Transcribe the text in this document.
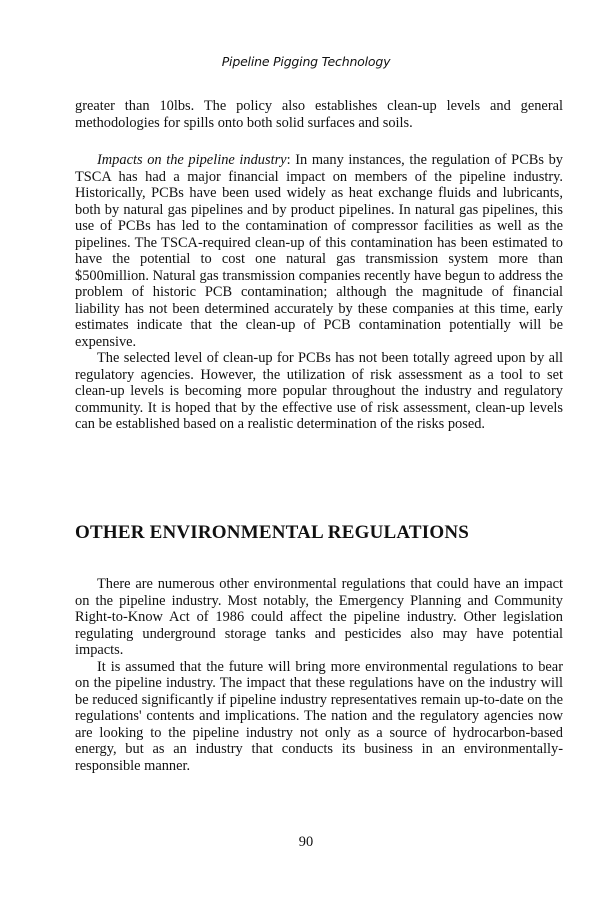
Pipeline Pigging Technology

greater than 10lbs. The policy also establishes clean-up levels and general methodologies for spills onto both solid surfaces and soils.

Impacts on the pipeline industry: In many instances, the regulation of PCBs by TSCA has had a major financial impact on members of the pipeline industry. Historically, PCBs have been used widely as heat exchange fluids and lubricants, both by natural gas pipelines and by product pipelines. In natural gas pipelines, this use of PCBs has led to the contamination of compressor facilities as well as the pipelines. The TSCA-required clean-up of this contamination has been estimated to have the potential to cost one natural gas transmission system more than $500million. Natural gas transmission companies recently have begun to address the problem of historic PCB contamination; although the magnitude of financial liability has not been determined accurately by these companies at this time, early estimates indicate that the clean-up of PCB contamination potentially will be expensive.

The selected level of clean-up for PCBs has not been totally agreed upon by all regulatory agencies. However, the utilization of risk assessment as a tool to set clean-up levels is becoming more popular throughout the industry and regulatory community. It is hoped that by the effective use of risk assessment, clean-up levels can be established based on a realistic determination of the risks posed.

OTHER ENVIRONMENTAL REGULATIONS

There are numerous other environmental regulations that could have an impact on the pipeline industry. Most notably, the Emergency Planning and Community Right-to-Know Act of 1986 could affect the pipeline industry. Other legislation regulating underground storage tanks and pesticides also may have potential impacts.

It is assumed that the future will bring more environmental regulations to bear on the pipeline industry. The impact that these regulations have on the industry will be reduced significantly if pipeline industry representatives remain up-to-date on the regulations' contents and implications. The nation and the regulatory agencies now are looking to the pipeline industry not only as a source of hydrocarbon-based energy, but as an industry that conducts its business in an environmentally-responsible manner.

90
